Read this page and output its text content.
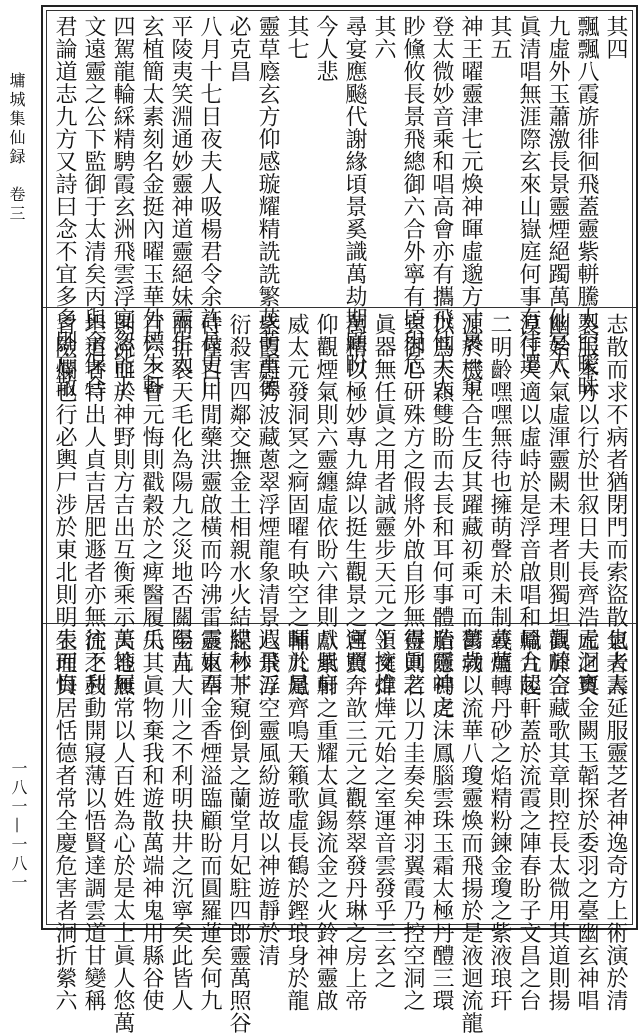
墉城集仙録　卷三
一八一—一八一
其四
飄飄八霞旂徘徊飛蓋靈紫軿騰太空曖昧
九虛外玉蕭激長景靈煙絕躅萬仙宴太
眞清唱無涯際玄來山嶽庭何事有待遷
其五
神王曜靈津七元煥神暉虛邈方寸裹一窺
登太微妙音乘和唱高會亦有攜飛仙天人
眇儵攸長景飛總御六合外寧有頃臾危
其六
尋宴應飈代謝緣頃景奚識萬劫期顧盼
今人悲
其七
靈草廕玄方仰感璇耀精詵詵繁茂萌重德
必克昌
八月十七日夜夫人吸楊君令余許長史曰
平陵夷笑淵通妙靈神道靈絕妹靈生太
玄植簡太素刻名金挺內曜玉華外標朱軒
四駕龍輪綵精騁霞玄洲飛雲浮宴忽能上
文遠靈之公下監御于太清矣丙與余保合
君論道志九方又詩曰念不宜多多則忘散
志散而求不病者猶閉門而索盜散也夫人
製服本方以行於世叙日夫長齊浩元洞寶
幽始八氣虛渾靈闕未理者則獨坦觀於空
漠任天適以虛峙於是浮音啟唱和鳳合起
二明齡嘿嘿無待也擁萌聲於未制暮萬
源於機上合生反其躍藏初乘可而萬歲
以爲天穎雙盼而去長和耳何事體造靈神之
宾御心研殊方之假將外啟自形無得眞之
眞器無任眞之用者誠靈步天元之領擁推
萬精以極妙專九緯以挺生觀景之運照
仰觀煙氣則六靈纏虛依盼六律則八風扇
威太元發洞冥之痾固曜有映空之暉於是
紫霞蔚秀波藏蔥翠浮煙龍象清景遐飛五
衍殺害四鄰交撫金土相親水火結牒林井
侍僅百川閒藥洪靈啟橫而吟沸雷震東西
而折裂天毛化為陽九之災地否關陽九
百六之會元悔則戳穀於之痺醫履爪
則流血於神野則方吉出互衡乘示萬答履
坦道者特出人貞吉居肥遯者亦無往不利
冒險爛也行必輿尸涉於東北則明表而悔
氣者壽延服靈芝者神逸奇方上術演於清
虛之奧金闕玉韜探於委羽之臺幽玄神唱
眞暉合藏歌其章則控長太微用其道則揚
輪九陵軒蓋於流霞之陣春盼子文昌之台
或爐轉丹砂之焰精粉鍊金瓊之紫液琅玕
鬱勃以流華八瓊靈煥而飛揚於是液迴流龍
胎隱鳴虎沫鳳腦雲珠玉霜太極丹醴三環
靈則若以刀圭奏矣神羽翼霞乃控空洞之
上文煒燁元始之室運音雲發乎三玄之
宮寶奔歆三元之觀蔡翠發丹琳之房上帝
獻紫軒之重耀太眞錫流金之火鈴神靈啟
輔九鳳齊鳴天籟歌虛長鶴於鏗琅身於龍
八景浮空靈風紛遊故以神遊靜於清
紀秒下窺倒景之蘭堂月妃駐四郎靈萬照谷
靈妪奉金香煙溢臨顧盼而圓羅蓮矣何九
至苗大川之不利明抉井之沉寧矣此皆人
失其眞物棄我和遊散萬端神鬼用縣谷使
天地無常以人百姓為心於是太上眞人悠萬
流之鼓動開寢薄以悟賢達調雲道甘變稱
生理貝居恬德者常全慶危害者洞折縈六
